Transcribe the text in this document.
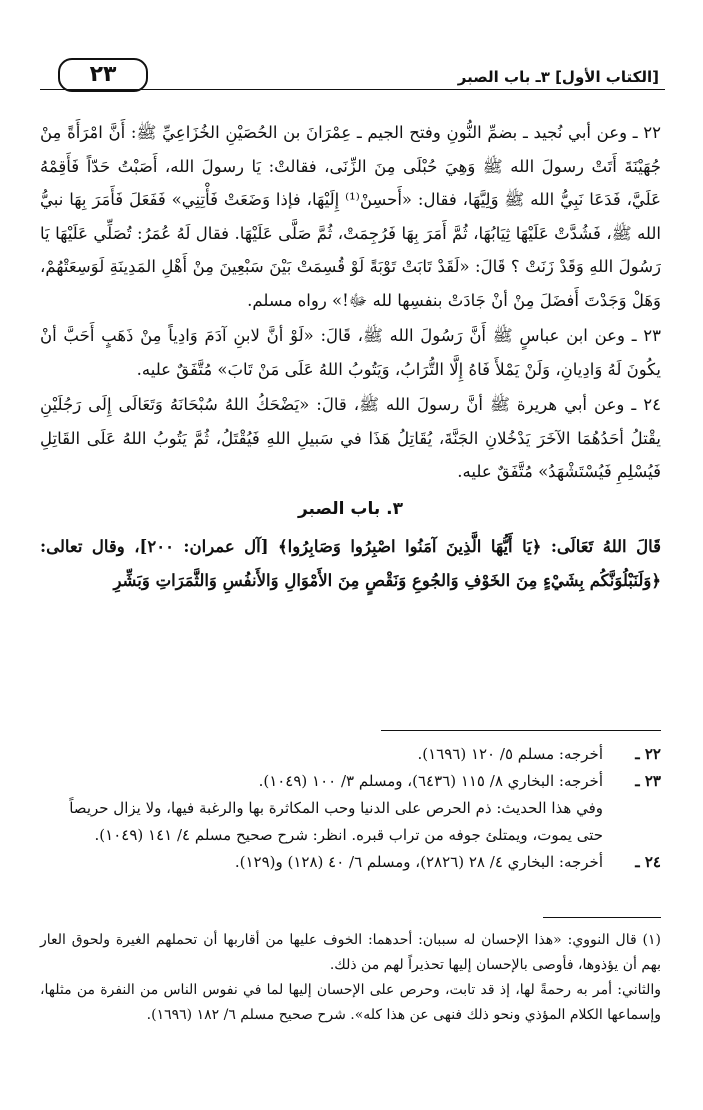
٢٣	[الكتاب الأول] ٣ـ باب الصبر

٢٢ ـ وعن أبي نُجيد ـ بضمِّ النُّونِ وفتح الجيم ـ عِمْرَانَ بن الحُصَيْنِ الخُزَاعِيِّ ﷺ: أَنَّ امْرَأَةً مِنْ جُهَيْنَةَ أَتَتْ رسولَ الله ﷺ وَهِيَ حُبْلَى مِنَ الزِّنَى، فقالتْ: يَا رسولَ الله، أَصَبْتُ حَدّاً فَأَقِمْهُ عَلَيَّ، فَدَعَا نَبِيُّ الله ﷺ وَلِيَّهَا، فقال: «أَحسِنْ⁽¹⁾ إِلَيْهَا، فإذا وَضَعَتْ فَأْتِنِي» فَفَعَلَ فَأَمَرَ بِهَا نبيُّ الله ﷺ، فَشُدَّتْ عَلَيْهَا ثِيَابُهَا، ثُمَّ أَمَرَ بِهَا فَرُجِمَتْ، ثُمَّ صَلَّى عَلَيْهَا. فقال لَهُ عُمَرُ: تُصَلِّي عَلَيْهَا يَا رَسُولَ اللهِ وَقَدْ زَنَتْ ؟ قَالَ: «لَقَدْ تَابَتْ تَوْبَةً لَوْ قُسِمَتْ بَيْنَ سَبْعِينَ مِنْ أَهْلِ المَدِينَةِ لَوَسِعَتْهُمْ، وَهَلْ وَجَدْتَ أَفضَلَ مِنْ أنْ جَادَتْ بنفسِها لله ﷻ!» رواه مسلم.

٢٣ ـ وعن ابن عباسٍ ﷺ أَنَّ رَسُولَ الله ﷺ، قَالَ: «لَوْ أنَّ لابنِ آدَمَ وَادِياً مِنْ ذَهَبٍ أَحَبَّ أنْ يكُونَ لَهُ وَادِيانِ، وَلَنْ يَمْلأَ فَاهُ إِلَّا التُّرَابُ، وَيَتُوبُ اللهُ عَلَى مَنْ تَابَ» مُتَّفَقٌ عليه.

٢٤ ـ وعن أبي هريرة ﷺ أنَّ رسولَ الله ﷺ، قالَ: «يَضْحَكُ اللهُ سُبْحَانَهُ وَتَعَالَى إِلَى رَجُلَيْنِ يقْتلُ أحَدُهُمَا الآخَرَ يَدْخُلانِ الجَنَّةَ، يُقَاتِلُ هَذَا في سَبيلِ اللهِ فَيُقْتَلُ، ثُمَّ يَتُوبُ اللهُ عَلَى القَاتِلِ فَيُسْلِمِ فَيُسْتَشْهَدُ» مُتَّفَقٌ عليه.

٣. باب الصبر

قَالَ اللهُ تَعَالَى: ﴿يَا أَيُّهَا الَّذِينَ آمَنُوا اصْبِرُوا وَصَابِرُوا﴾ [آل عمران: ٢٠٠]، وقال تعالى: ﴿وَلَنَبْلُوَنَّكُم بِشَيْءٍ مِنَ الخَوْفِ وَالجُوعِ وَنَقْصٍ مِنَ الأَمْوَالِ وَالأَنفُسِ وَالثَّمَرَاتِ وَبَشِّرِ

٢٢ ـ

أخرجه: مسلم ٥/ ١٢٠ (١٦٩٦).

٢٣ ـ

أخرجه: البخاري ٨/ ١١٥ (٦٤٣٦)، ومسلم ٣/ ١٠٠ (١٠٤٩).

وفي هذا الحديث: ذم الحرص على الدنيا وحب المكاثرة بها والرغبة فيها، ولا يزال حريصاً حتى يموت، ويمتلئ جوفه من تراب قبره. انظر: شرح صحيح مسلم ٤/ ١٤١ (١٠٤٩).

٢٤ ـ

أخرجه: البخاري ٤/ ٢٨ (٢٨٢٦)، ومسلم ٦/ ٤٠ (١٢٨) و(١٢٩).

(١) قال النووي: «هذا الإحسان له سببان: أحدهما: الخوف عليها من أقاربها أن تحملهم الغيرة ولحوق العار بهم أن يؤذوها، فأوصى بالإحسان إليها تحذيراً لهم من ذلك.

والثاني: أمر به رحمةً لها، إذ قد تابت، وحرص على الإحسان إليها لما في نفوس الناس من النفرة من مثلها، وإسماعها الكلام المؤذي ونحو ذلك فنهى عن هذا كله». شرح صحيح مسلم ٦/ ١٨٢ (١٦٩٦).
